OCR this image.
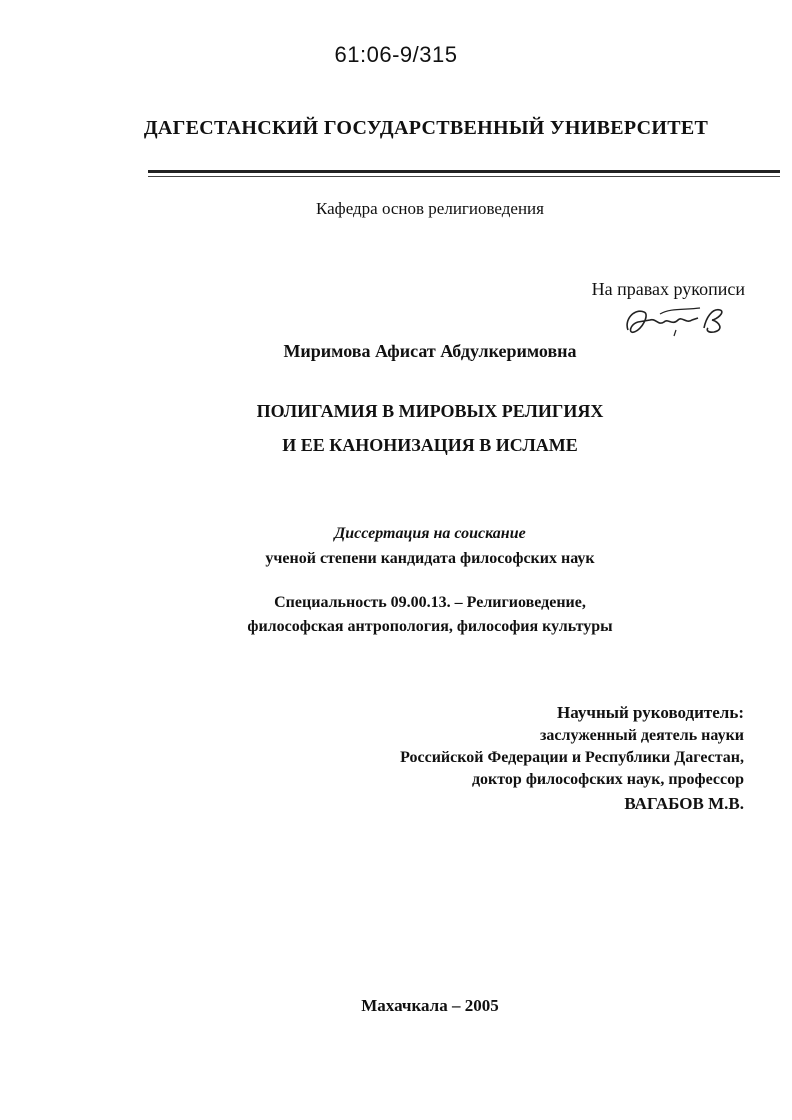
61:06-9/315
ДАГЕСТАНСКИЙ ГОСУДАРСТВЕННЫЙ УНИВЕРСИТЕТ
Кафедра основ религиоведения
На правах рукописи
Миримова Афисат Абдулкеримовна
ПОЛИГАМИЯ В МИРОВЫХ РЕЛИГИЯХ
И ЕЕ КАНОНИЗАЦИЯ В ИСЛАМЕ
Диссертация на соискание
ученой степени кандидата философских наук
Специальность 09.00.13. – Религиоведение,
философская антропология, философия культуры
Научный руководитель:
заслуженный деятель науки
Российской Федерации и Республики Дагестан,
доктор философских наук, профессор
ВАГАБОВ М.В.
Махачкала – 2005
